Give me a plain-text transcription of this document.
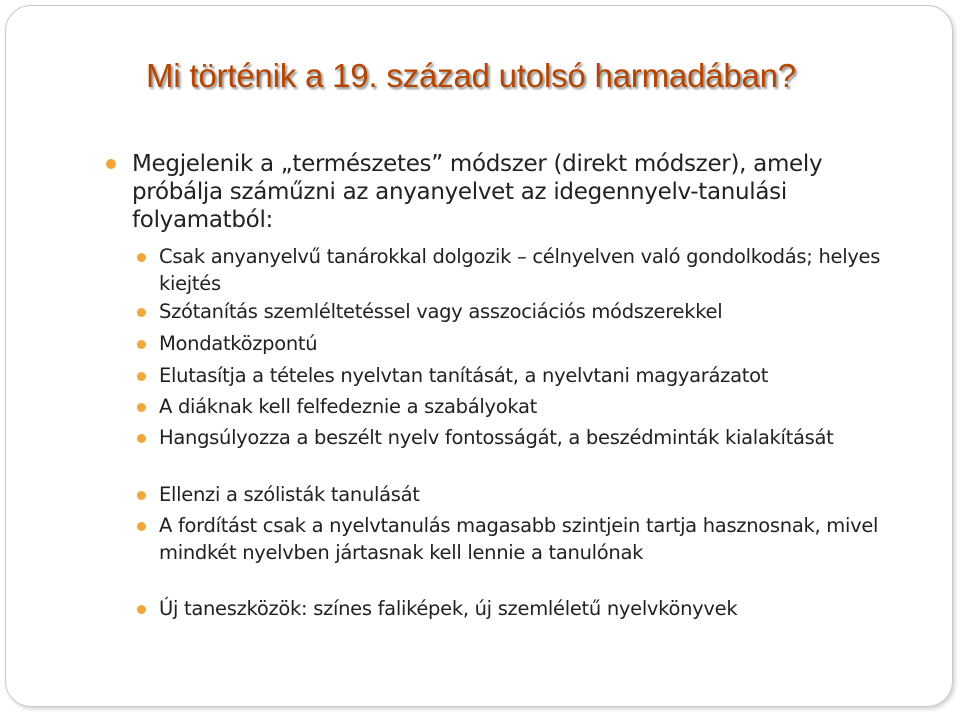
Mi történik a 19. század utolsó harmadában?
Megjelenik a „természetes” módszer (direkt módszer), amely próbálja száműzni az anyanyelvet az idegennyelv-tanulási folyamatból:
Csak anyanyelvű tanárokkal dolgozik – célnyelven való gondolkodás; helyes kiejtés
Szótanítás szemléltetéssel vagy asszociációs módszerekkel
Mondatközpontú
Elutasítja a tételes nyelvtan tanítását, a nyelvtani magyarázatot
A diáknak kell felfedeznie a szabályokat
Hangsúlyozza a beszélt nyelv fontosságát, a beszédminták kialakítását
Ellenzi a szólisták tanulását
A fordítást csak a nyelvtanulás magasabb szintjein tartja hasznosnak, mivel mindkét nyelvben jártasnak kell lennie a tanulónak
Új taneszközök: színes faliképek, új szemléletű nyelvkönyvek
